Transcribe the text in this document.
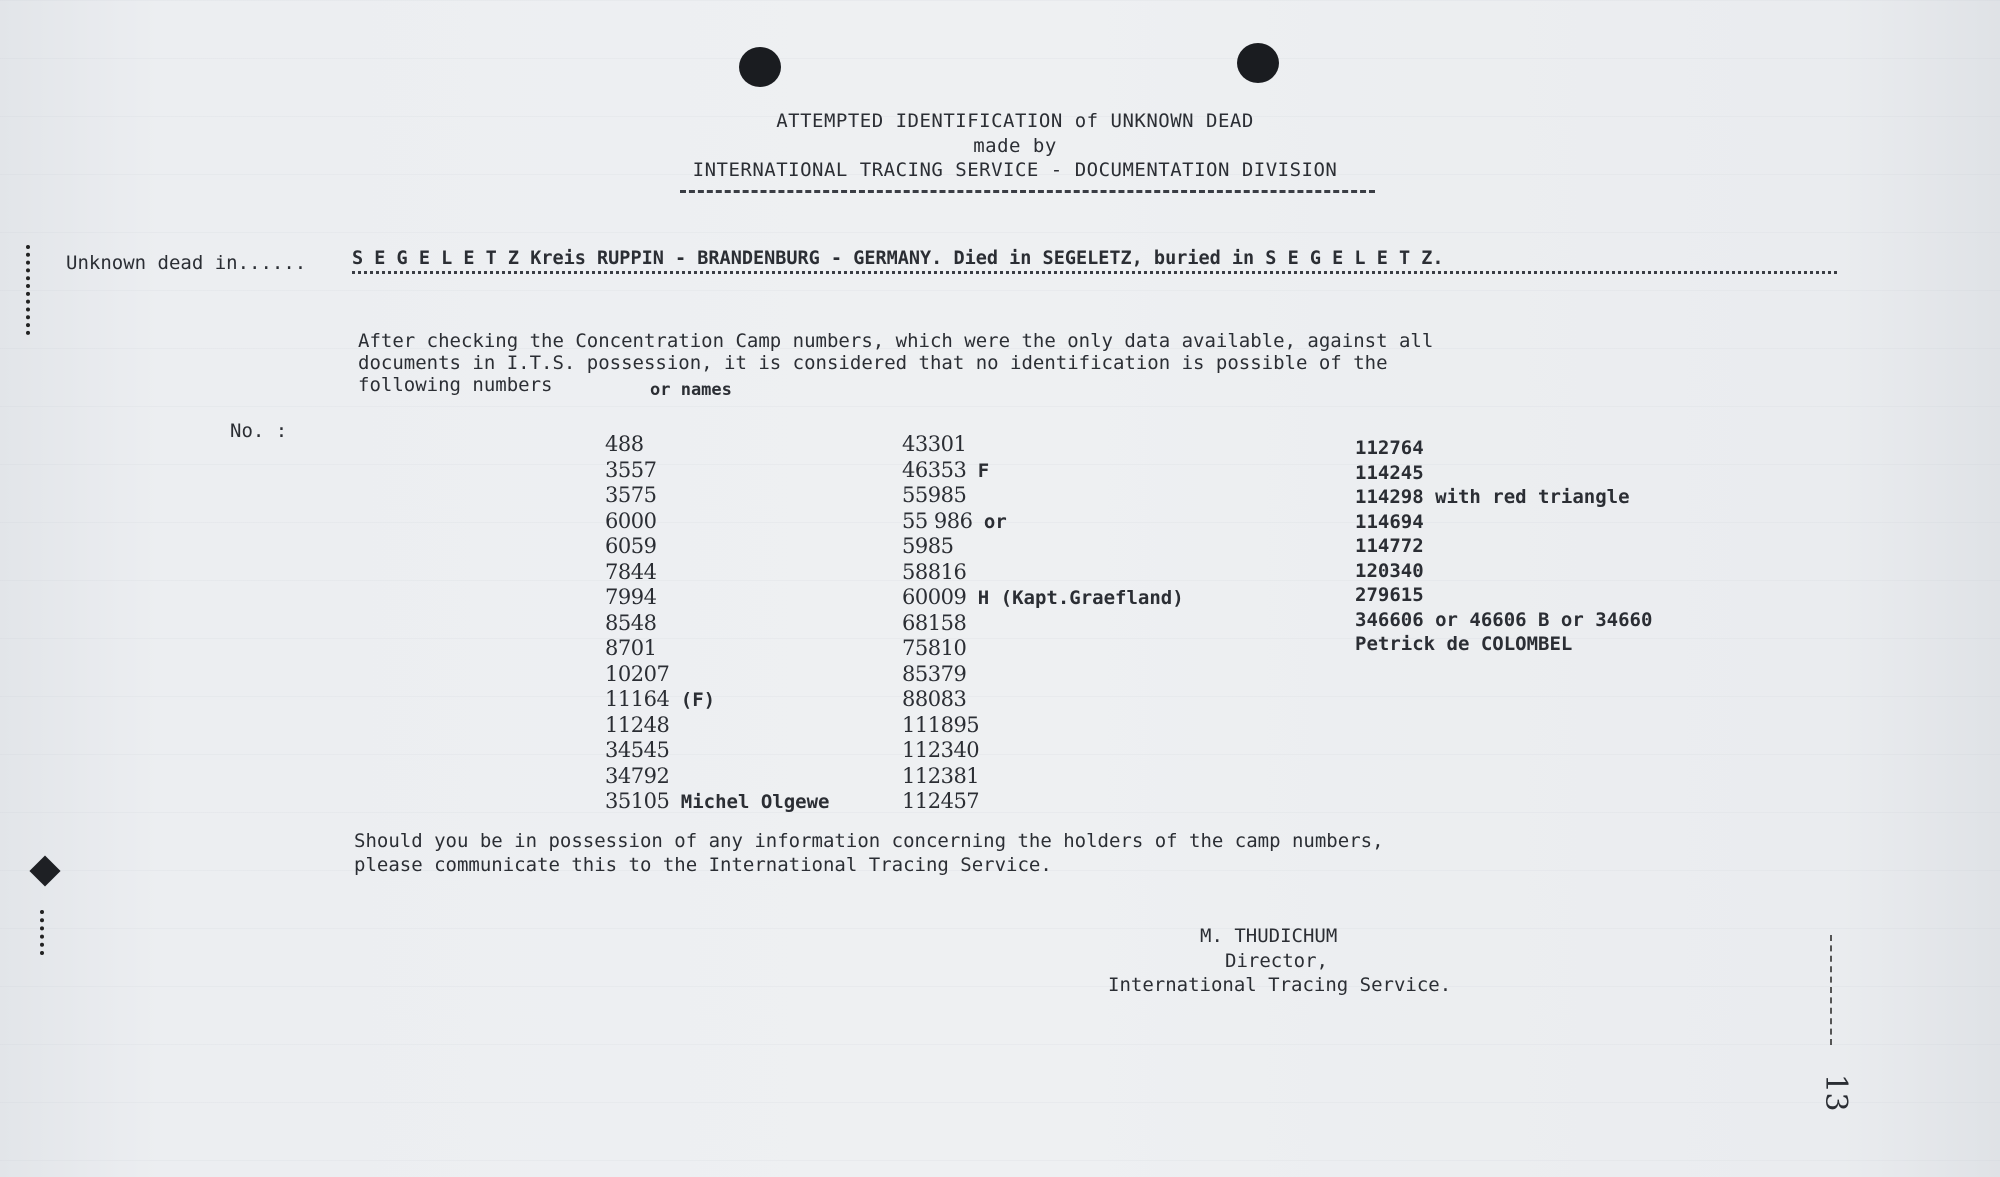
ATTEMPTED IDENTIFICATION of UNKNOWN DEAD
made by
INTERNATIONAL TRACING SERVICE - DOCUMENTATION DIVISION
Unknown dead in...... S E G E L E T Z Kreis RUPPIN - BRANDENBURG - GERMANY. Died in SEGELETZ, buried in S E G E L E T Z.
After checking the Concentration Camp numbers, which were the only data available, against all
documents in I.T.S. possession, it is considered that no identification is possible of the
following numbers	or names
No. :
488
3557
3575
6000
6059
7844
7994
8548
8701
10207
11164 (F)
11248
34545
34792
35105 Michel Olgewe
43301
46353 F
55985
55 986 or
5985
58816
60009 H (Kapt.Graefland)
68158
75810
85379
88083
111895
112340
112381
112457
112764
114245
114298 with red triangle
114694
114772
120340
279615
346606 or 46606 B or 34660
Petrick de COLOMBEL
Should you be in possession of any information concerning the holders of the camp numbers,
please communicate this to the International Tracing Service.
M. THUDICHUM
Director,
International Tracing Service.
13
